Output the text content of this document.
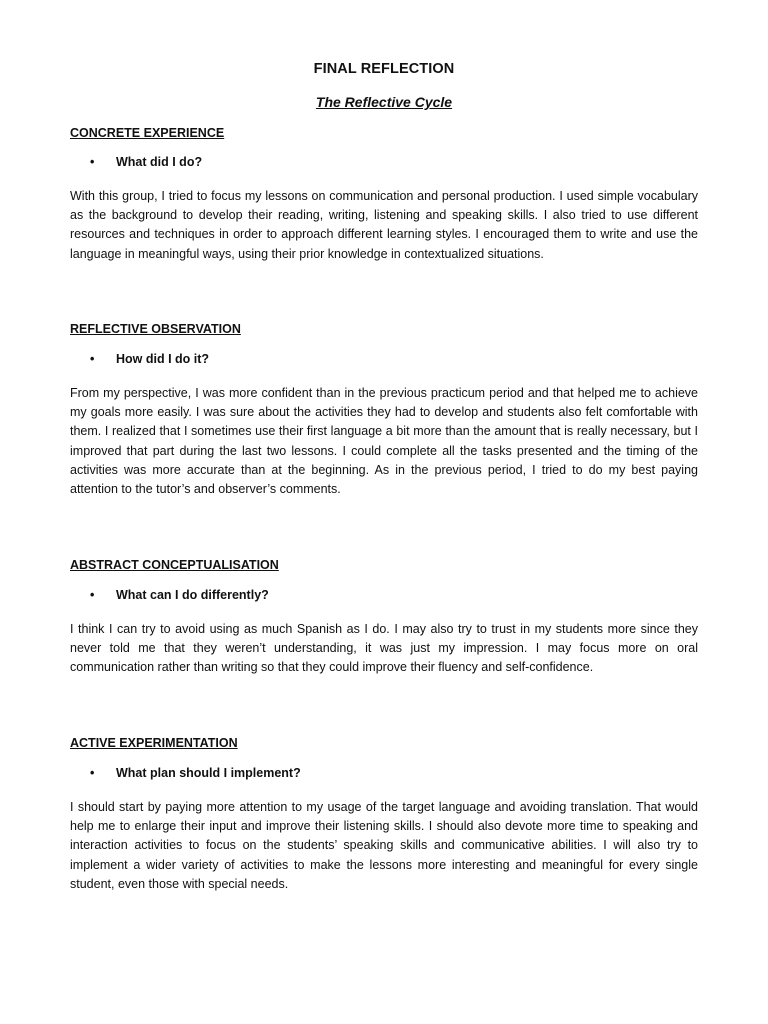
FINAL REFLECTION
The Reflective Cycle
CONCRETE EXPERIENCE
• What did I do?
With this group, I tried to focus my lessons on communication and personal production. I used simple vocabulary as the background to develop their reading, writing, listening and speaking skills. I also tried to use different resources and techniques in order to approach different learning styles. I encouraged them to write and use the language in meaningful ways, using their prior knowledge in contextualized situations.
REFLECTIVE OBSERVATION
• How did I do it?
From my perspective, I was more confident than in the previous practicum period and that helped me to achieve my goals more easily. I was sure about the activities they had to develop and students also felt comfortable with them. I realized that I sometimes use their first language a bit more than the amount that is really necessary, but I improved that part during the last two lessons. I could complete all the tasks presented and the timing of the activities was more accurate than at the beginning. As in the previous period, I tried to do my best paying attention to the tutor’s and observer’s comments.
ABSTRACT CONCEPTUALISATION
• What can I do differently?
I think I can try to avoid using as much Spanish as I do. I may also try to trust in my students more since they never told me that they weren’t understanding, it was just my impression. I may focus more on oral communication rather than writing so that they could improve their fluency and self-confidence.
ACTIVE EXPERIMENTATION
• What plan should I implement?
I should start by paying more attention to my usage of the target language and avoiding translation. That would help me to enlarge their input and improve their listening skills. I should also devote more time to speaking and interaction activities to focus on the students’ speaking skills and communicative abilities. I will also try to implement a wider variety of activities to make the lessons more interesting and meaningful for every single student, even those with special needs.
